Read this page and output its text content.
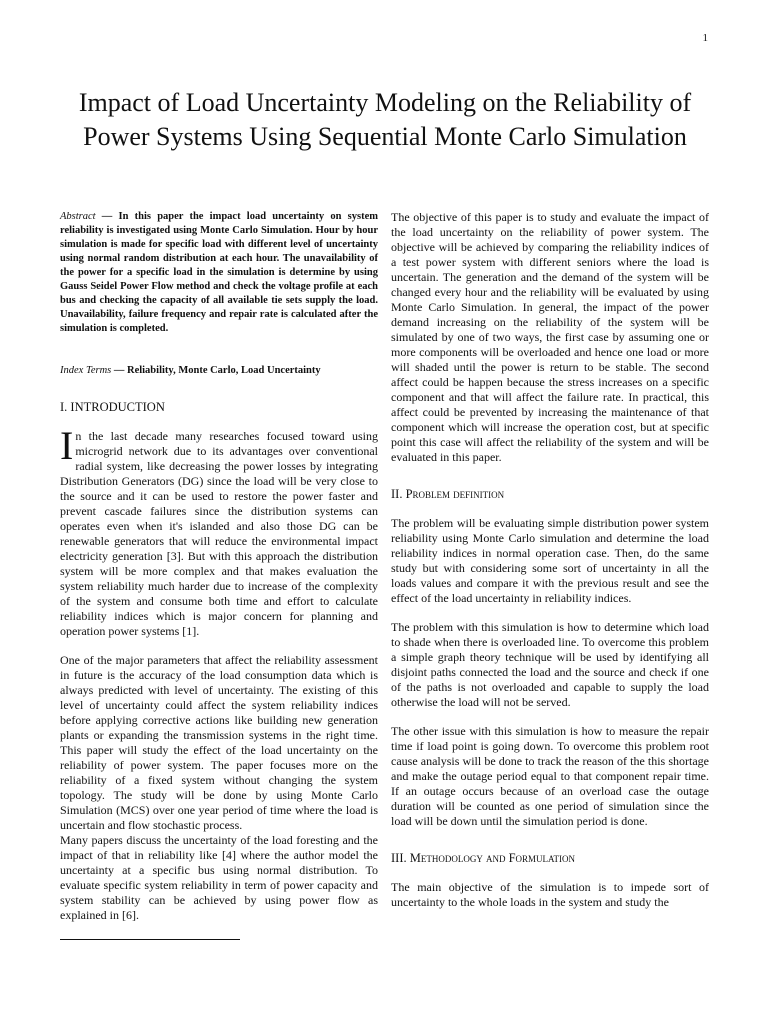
1
Impact of Load Uncertainty Modeling on the Reliability of Power Systems Using Sequential Monte Carlo Simulation

Abstract — In this paper the impact load uncertainty on system reliability is investigated using Monte Carlo Simulation. Hour by hour simulation is made for specific load with different level of uncertainty using normal random distribution at each hour. The unavailability of the power for a specific load in the simulation is determine by using Gauss Seidel Power Flow method and check the voltage profile at each bus and checking the capacity of all available tie sets supply the load. Unavailability, failure frequency and repair rate is calculated after the simulation is completed.

Index Terms — Reliability, Monte Carlo, Load Uncertainty

I. INTRODUCTION

In the last decade many researches focused toward using microgrid network due to its advantages over conventional radial system, like decreasing the power losses by integrating Distribution Generators (DG) since the load will be very close to the source and it can be used to restore the power faster and prevent cascade failures since the distribution systems can operates even when it's islanded and also those DG can be renewable generators that will reduce the environmental impact electricity generation [3]. But with this approach the distribution system will be more complex and that makes evaluation the system reliability much harder due to increase of the complexity of the system and consume both time and effort to calculate reliability indices which is major concern for planning and operation power systems [1].

One of the major parameters that affect the reliability assessment in future is the accuracy of the load consumption data which is always predicted with level of uncertainty. The existing of this level of uncertainty could affect the system reliability indices before applying corrective actions like building new generation plants or expanding the transmission systems in the right time. This paper will study the effect of the load uncertainty on the reliability of power system. The paper focuses more on the reliability of a fixed system without changing the system topology. The study will be done by using Monte Carlo Simulation (MCS) over one year period of time where the load is uncertain and flow stochastic process.

Many papers discuss the uncertainty of the load foresting and the impact of that in reliability like [4] where the author model the uncertainty at a specific bus using normal distribution. To evaluate specific system reliability in term of power capacity and system stability can be achieved by using power flow as explained in [6].

The objective of this paper is to study and evaluate the impact of the load uncertainty on the reliability of power system. The objective will be achieved by comparing the reliability indices of a test power system with different seniors where the load is uncertain. The generation and the demand of the system will be changed every hour and the reliability will be evaluated by using Monte Carlo Simulation. In general, the impact of the power demand increasing on the reliability of the system will be simulated by one of two ways, the first case by assuming one or more components will be overloaded and hence one load or more will shaded until the power is return to be stable. The second affect could be happen because the stress increases on a specific component and that will affect the failure rate. In practical, this affect could be prevented by increasing the maintenance of that component which will increase the operation cost, but at specific point this case will affect the reliability of the system and will be evaluated in this paper.

II. Problem definition

The problem will be evaluating simple distribution power system reliability using Monte Carlo simulation and determine the load reliability indices in normal operation case. Then, do the same study but with considering some sort of uncertainty in all the loads values and compare it with the previous result and see the effect of the load uncertainty in reliability indices.

The problem with this simulation is how to determine which load to shade when there is overloaded line. To overcome this problem a simple graph theory technique will be used by identifying all disjoint paths connected the load and the source and check if one of the paths is not overloaded and capable to supply the load otherwise the load will not be served.

The other issue with this simulation is how to measure the repair time if load point is going down. To overcome this problem root cause analysis will be done to track the reason of the this shortage and make the outage period equal to that component repair time. If an outage occurs because of an overload case the outage duration will be counted as one period of simulation since the load will be down until the simulation period is done.

III. Methodology and Formulation

The main objective of the simulation is to impede sort of uncertainty to the whole loads in the system and study the
